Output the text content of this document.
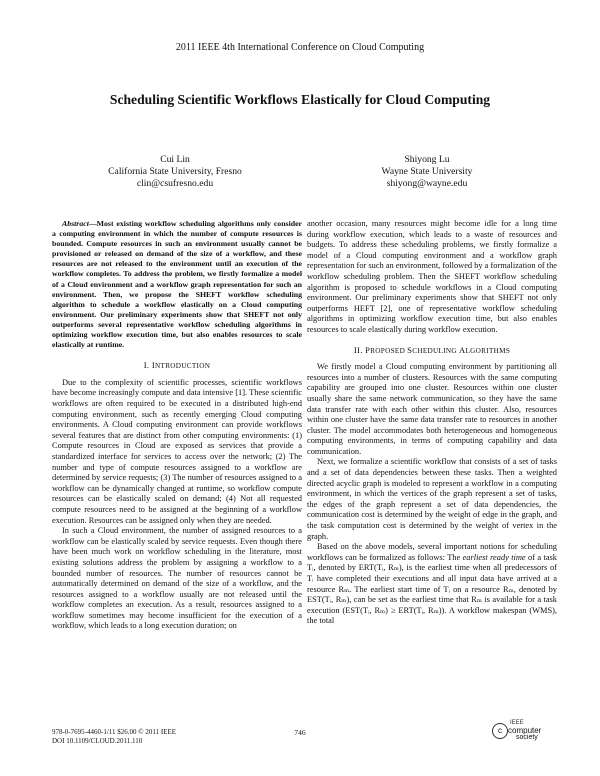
2011 IEEE 4th International Conference on Cloud Computing
Scheduling Scientific Workflows Elastically for Cloud Computing
Cui Lin
California State University, Fresno
clin@csufresno.edu
Shiyong Lu
Wayne State University
shiyong@wayne.edu

Abstract—Most existing workflow scheduling algorithms only consider a computing environment in which the number of compute resources is bounded. Compute resources in such an environment usually cannot be provisioned or released on demand of the size of a workflow, and these resources are not released to the environment until an execution of the workflow completes. To address the problem, we firstly formalize a model of a Cloud environment and a workflow graph representation for such an environment. Then, we propose the SHEFT workflow scheduling algorithm to schedule a workflow elastically on a Cloud computing environment. Our preliminary experiments show that SHEFT not only outperforms several representative workflow scheduling algorithms in optimizing workflow execution time, but also enables resources to scale elastically at runtime.

I. INTRODUCTION

Due to the complexity of scientific processes, scientific workflows have become increasingly compute and data intensive [1]. These scientific workflows are often required to be executed in a distributed high-end computing environment, such as recently emerging Cloud computing environments. A Cloud computing environment can provide workflows several features that are distinct from other computing environments: (1) Compute resources in Cloud are exposed as services that provide a standardized interface for services to access over the network; (2) The number and type of compute resources assigned to a workflow are determined by service requests; (3) The number of resources assigned to a workflow can be dynamically changed at runtime, so workflow compute resources can be elastically scaled on demand; (4) Not all requested compute resources need to be assigned at the beginning of a workflow execution. Resources can be assigned only when they are needed.

In such a Cloud environment, the number of assigned resources to a workflow can be elastically scaled by service requests. Even though there have been much work on workflow scheduling in the literature, most existing solutions address the problem by assigning a workflow to a bounded number of resources. The number of resources cannot be automatically determined on demand of the size of a workflow, and the resources assigned to a workflow usually are not released until the workflow completes an execution. As a result, resources assigned to a workflow sometimes may become insufficient for the execution of a workflow, which leads to a long execution duration; on

another occasion, many resources might become idle for a long time during workflow execution, which leads to a waste of resources and budgets. To address these scheduling problems, we firstly formalize a model of a Cloud computing environment and a workflow graph representation for such an environment, followed by a formalization of the workflow scheduling problem. Then the SHEFT workflow scheduling algorithm is proposed to schedule workflows in a Cloud computing environment. Our preliminary experiments show that SHEFT not only outperforms HEFT [2], one of representative workflow scheduling algorithms in optimizing workflow execution time, but also enables resources to scale elastically during workflow execution.

II. PROPOSED SCHEDULING ALGORITHMS

We firstly model a Cloud computing environment by partitioning all resources into a number of clusters. Resources with the same computing capability are grouped into one cluster. Resources within one cluster usually share the same network communication, so they have the same data transfer rate with each other within this cluster. Also, resources within one cluster have the same data transfer rate to resources in another cluster. The model accommodates both heterogeneous and homogeneous computing environments, in terms of computing capability and data communication.

Next, we formalize a scientific workflow that consists of a set of tasks and a set of data dependencies between these tasks. Then a weighted directed acyclic graph is modeled to represent a workflow in a computing environment, in which the vertices of the graph represent a set of tasks, the edges of the graph represent a set of data dependencies, the communication cost is determined by the weight of edge in the graph, and the task computation cost is determined by the weight of vertex in the graph.

Based on the above models, several important notions for scheduling workflows can be formalized as follows: The earliest ready time of a task Tᵢ, denoted by ERT(Tᵢ, Rₘ), is the earliest time when all predecessors of Tᵢ have completed their executions and all input data have arrived at a resource Rₘ. The earliest start time of Tᵢ on a resource Rₘ, denoted by EST(Tᵢ, Rₘ), can be set as the earliest time that Rₘ is available for a task execution (EST(Tᵢ, Rₘ) ≥ ERT(Tᵢ, Rₘ)). A workflow makespan (WMS), the total

978-0-7695-4460-1/11 $26.00 © 2011 IEEE
DOI 10.1109/CLOUD.2011.110
746	c
IEEE
computer
society
